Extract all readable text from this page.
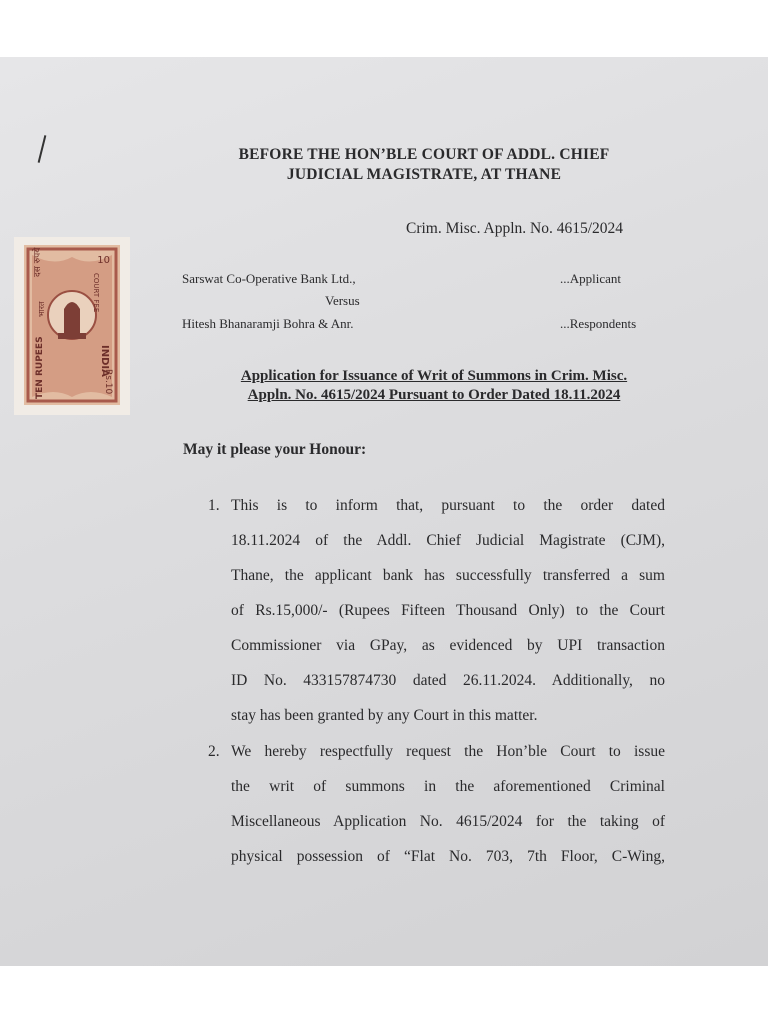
BEFORE THE HON’BLE COURT OF ADDL. CHIEF
JUDICIAL MAGISTRATE, AT THANE
Crim. Misc. Appln. No. 4615/2024
10
Rs.10
दस रुपये
भारत	COURT FEE
INDIA
TEN RUPEES
Sarswat Co-Operative Bank Ltd.,	...Applicant
Versus
Hitesh Bhanaramji Bohra & Anr.	...Respondents
Application for Issuance of Writ of Summons in Crim. Misc.
Appln. No. 4615/2024 Pursuant to Order Dated 18.11.2024
May it please your Honour:
1. This is to inform that, pursuant to the order dated
18.11.2024 of the Addl. Chief Judicial Magistrate (CJM),
Thane, the applicant bank has successfully transferred a sum
of Rs.15,000/- (Rupees Fifteen Thousand Only) to the Court
Commissioner via GPay, as evidenced by UPI transaction
ID No. 433157874730 dated 26.11.2024. Additionally, no
stay has been granted by any Court in this matter.
2. We hereby respectfully request the Hon’ble Court to issue
the writ of summons in the aforementioned Criminal
Miscellaneous Application No. 4615/2024 for the taking of
physical possession of “Flat No. 703, 7th Floor, C-Wing,
